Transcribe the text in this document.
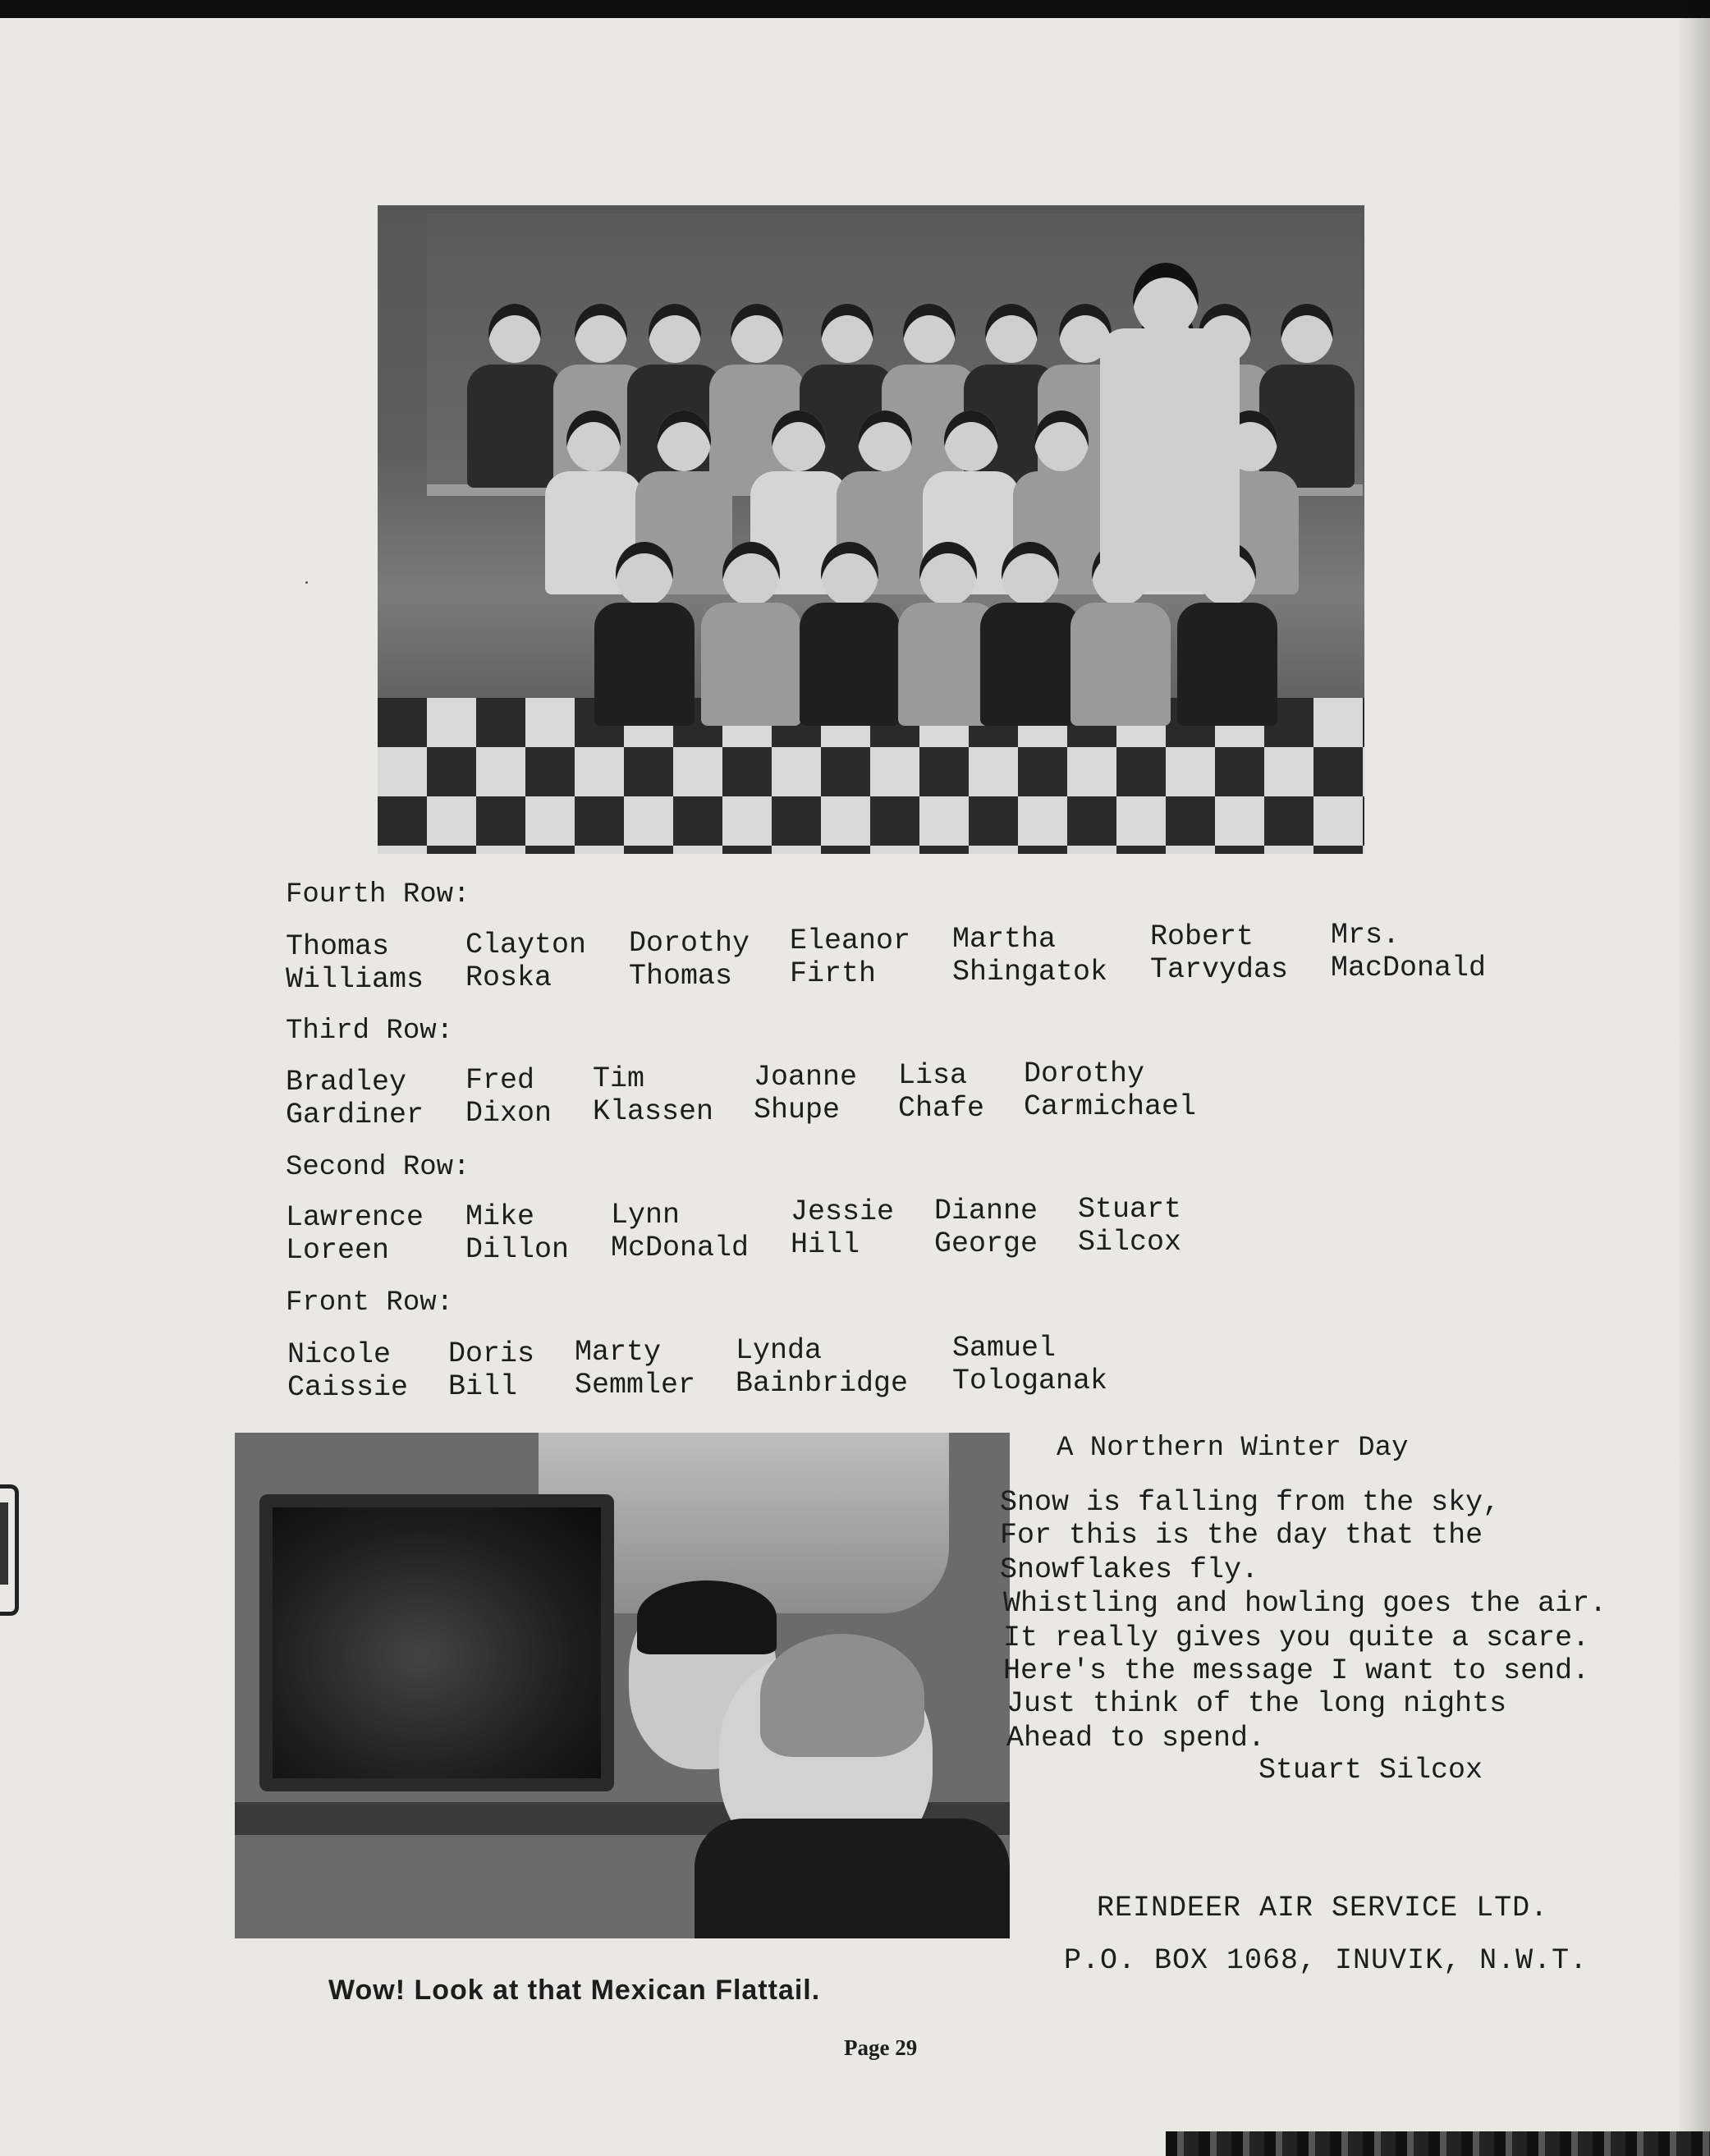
Fourth Row:
Thomas
Williams
Clayton
Roska
Dorothy
Thomas
Eleanor
Firth
Martha
Shingatok
Robert
Tarvydas
Mrs.
MacDonald
Third Row:
Bradley
Gardiner
Fred
Dixon
Tim
Klassen
Joanne
Shupe
Lisa
Chafe
Dorothy
Carmichael
Second Row:
Lawrence
Loreen
Mike
Dillon
Lynn
McDonald
Jessie
Hill
Dianne
George
Stuart
Silcox
Front Row:
Nicole
Caissie
Doris
Bill
Marty
Semmler
Lynda
Bainbridge
Samuel
Tologanak
Wow! Look at that Mexican Flattail.
A Northern Winter Day
Snow is falling from the sky,
For this is the day that the
Snowflakes fly.
Whistling and howling goes the air.
It really gives you quite a scare.
Here's the message I want to send.
Just think of the long nights
Ahead to spend.
Stuart Silcox
REINDEER AIR SERVICE LTD.
P.O. BOX 1068, INUVIK, N.W.T.
Page 29
